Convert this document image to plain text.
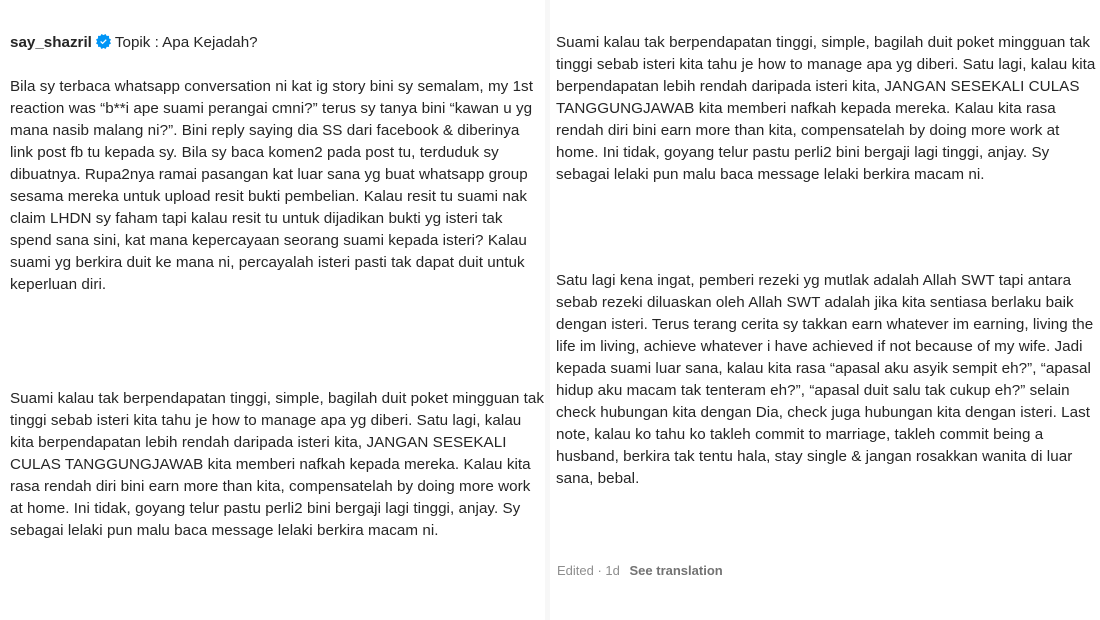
say_shazril Topik : Apa Kejadah?

Bila sy terbaca whatsapp conversation ni kat ig story bini sy semalam, my 1st reaction was “b**i ape suami perangai cmni?” terus sy tanya bini “kawan u yg mana nasib malang ni?”. Bini reply saying dia SS dari facebook & diberinya link post fb tu kepada sy. Bila sy baca komen2 pada post tu, terduduk sy dibuatnya. Rupa2nya ramai pasangan kat luar sana yg buat whatsapp group sesama mereka untuk upload resit bukti pembelian. Kalau resit tu suami nak claim LHDN sy faham tapi kalau resit tu untuk dijadikan bukti yg isteri tak spend sana sini, kat mana kepercayaan seorang suami kepada isteri? Kalau suami yg berkira duit ke mana ni, percayalah isteri pasti tak dapat duit untuk keperluan diri.

Suami kalau tak berpendapatan tinggi, simple, bagilah duit poket mingguan tak tinggi sebab isteri kita tahu je how to manage apa yg diberi. Satu lagi, kalau kita berpendapatan lebih rendah daripada isteri kita, JANGAN SESEKALI CULAS TANGGUNGJAWAB kita memberi nafkah kepada mereka. Kalau kita rasa rendah diri bini earn more than kita, compensatelah by doing more work at home. Ini tidak, goyang telur pastu perli2 bini bergaji lagi tinggi, anjay. Sy sebagai lelaki pun malu baca message lelaki berkira macam ni.

Suami kalau tak berpendapatan tinggi, simple, bagilah duit poket mingguan tak tinggi sebab isteri kita tahu je how to manage apa yg diberi. Satu lagi, kalau kita berpendapatan lebih rendah daripada isteri kita, JANGAN SESEKALI CULAS TANGGUNGJAWAB kita memberi nafkah kepada mereka. Kalau kita rasa rendah diri bini earn more than kita, compensatelah by doing more work at home. Ini tidak, goyang telur pastu perli2 bini bergaji lagi tinggi, anjay. Sy sebagai lelaki pun malu baca message lelaki berkira macam ni.

Satu lagi kena ingat, pemberi rezeki yg mutlak adalah Allah SWT tapi antara sebab rezeki diluaskan oleh Allah SWT adalah jika kita sentiasa berlaku baik dengan isteri. Terus terang cerita sy takkan earn whatever im earning, living the life im living, achieve whatever i have achieved if not because of my wife. Jadi kepada suami luar sana, kalau kita rasa “apasal aku asyik sempit eh?”, “apasal hidup aku macam tak tenteram eh?”, “apasal duit salu tak cukup eh?” selain check hubungan kita dengan Dia, check juga hubungan kita dengan isteri. Last note, kalau ko tahu ko takleh commit to marriage, takleh commit being a husband, berkira tak tentu hala, stay single & jangan rosakkan wanita di luar sana, bebal.

Edited · 1d See translation
